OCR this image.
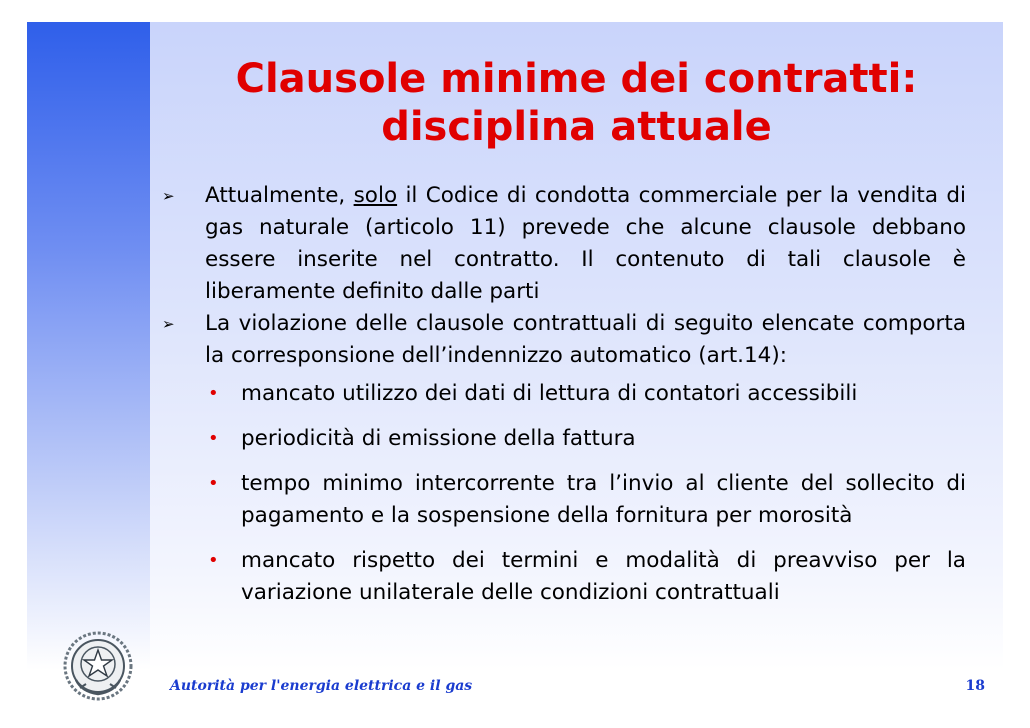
Clausole minime dei contratti:
disciplina attuale
➢	Attualmente, solo il Codice di condotta commerciale per la vendita di gas naturale (articolo 11) prevede che alcune clausole debbano essere inserite nel contratto. Il contenuto di tali clausole è liberamente definito dalle parti
➢	La violazione delle clausole contrattuali di seguito elencate comporta la corresponsione dell’indennizzo automatico (art.14):
•	mancato utilizzo dei dati di lettura di contatori accessibili
•	periodicità di emissione della fattura
•	tempo minimo intercorrente tra l’invio al cliente del sollecito di pagamento e la sospensione della fornitura per morosità
•	mancato rispetto dei termini e modalità di preavviso per la variazione unilaterale delle condizioni contrattuali
Autorità per l'energia elettrica e il gas	18
